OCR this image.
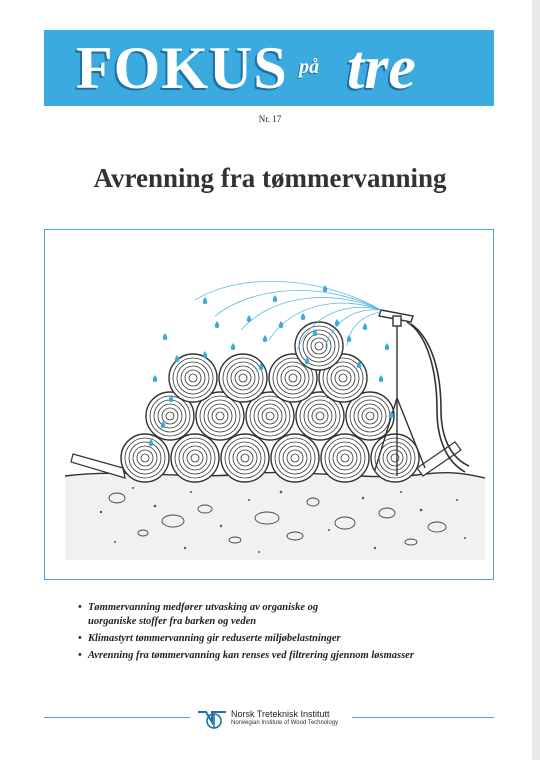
FOKUS på tre
Nr. 17
Avrenning fra tømmervanning
• Tømmervanning medfører utvasking av organiske og
uorganiske stoffer fra barken og veden
• Klimastyrt tømmervanning gir reduserte miljøbelastninger
• Avrenning fra tømmervanning kan renses ved filtrering gjennom løsmasser
Norsk Treteknisk Institutt
Norwegian Institute of Wood Technology
